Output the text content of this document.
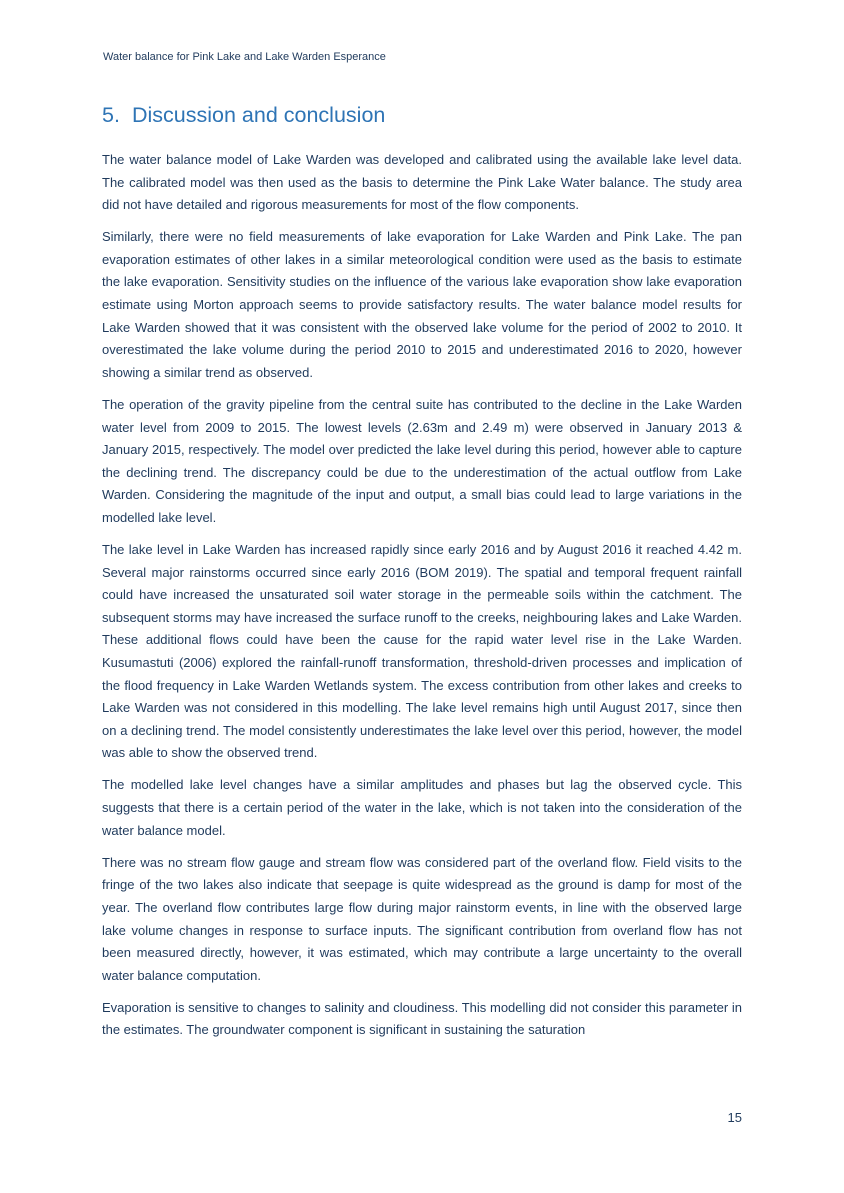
Water balance for Pink Lake and Lake Warden Esperance
5. Discussion and conclusion

The water balance model of Lake Warden was developed and calibrated using the available lake level data. The calibrated model was then used as the basis to determine the Pink Lake Water balance. The study area did not have detailed and rigorous measurements for most of the flow components.

Similarly, there were no field measurements of lake evaporation for Lake Warden and Pink Lake. The pan evaporation estimates of other lakes in a similar meteorological condition were used as the basis to estimate the lake evaporation. Sensitivity studies on the influence of the various lake evaporation show lake evaporation estimate using Morton approach seems to provide satisfactory results. The water balance model results for Lake Warden showed that it was consistent with the observed lake volume for the period of 2002 to 2010. It overestimated the lake volume during the period 2010 to 2015 and underestimated 2016 to 2020, however showing a similar trend as observed.

The operation of the gravity pipeline from the central suite has contributed to the decline in the Lake Warden water level from 2009 to 2015. The lowest levels (2.63m and 2.49 m) were observed in January 2013 & January 2015, respectively. The model over predicted the lake level during this period, however able to capture the declining trend. The discrepancy could be due to the underestimation of the actual outflow from Lake Warden. Considering the magnitude of the input and output, a small bias could lead to large variations in the modelled lake level.

The lake level in Lake Warden has increased rapidly since early 2016 and by August 2016 it reached 4.42 m. Several major rainstorms occurred since early 2016 (BOM 2019). The spatial and temporal frequent rainfall could have increased the unsaturated soil water storage in the permeable soils within the catchment. The subsequent storms may have increased the surface runoff to the creeks, neighbouring lakes and Lake Warden. These additional flows could have been the cause for the rapid water level rise in the Lake Warden. Kusumastuti (2006) explored the rainfall-runoff transformation, threshold-driven processes and implication of the flood frequency in Lake Warden Wetlands system. The excess contribution from other lakes and creeks to Lake Warden was not considered in this modelling. The lake level remains high until August 2017, since then on a declining trend. The model consistently underestimates the lake level over this period, however, the model was able to show the observed trend.

The modelled lake level changes have a similar amplitudes and phases but lag the observed cycle. This suggests that there is a certain period of the water in the lake, which is not taken into the consideration of the water balance model.

There was no stream flow gauge and stream flow was considered part of the overland flow. Field visits to the fringe of the two lakes also indicate that seepage is quite widespread as the ground is damp for most of the year. The overland flow contributes large flow during major rainstorm events, in line with the observed large lake volume changes in response to surface inputs. The significant contribution from overland flow has not been measured directly, however, it was estimated, which may contribute a large uncertainty to the overall water balance computation.

Evaporation is sensitive to changes to salinity and cloudiness. This modelling did not consider this parameter in the estimates. The groundwater component is significant in sustaining the saturation

15
